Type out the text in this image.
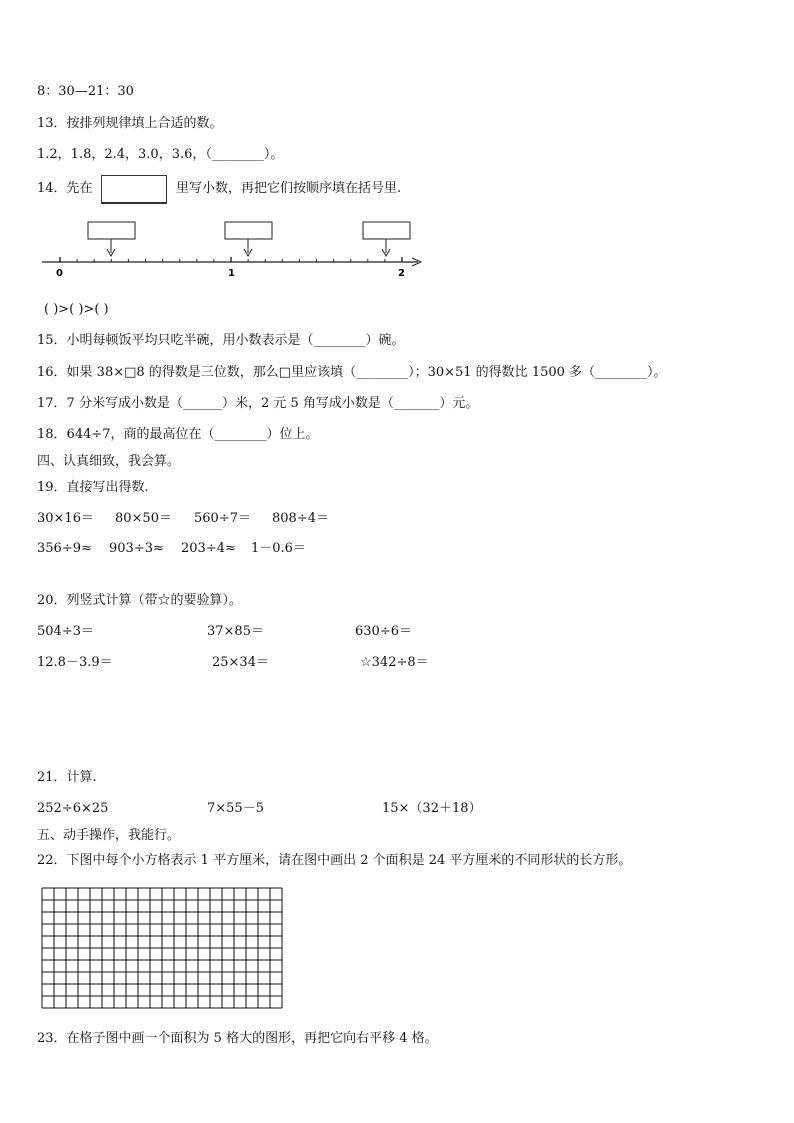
8：30—21：30
13．按排列规律填上合适的数。
1.2，1.8，2.4，3.0，3.6，（________）。
14．先在	里写小数，再把它们按顺序填在括号里.
0	1	2
( )>( )>( )
15．小明每顿饭平均只吃半碗，用小数表示是（________）碗。
16．如果 38×□8 的得数是三位数，那么□里应该填（________）；30×51 的得数比 1500 多（________）。
17．7 分米写成小数是（______）米，2 元 5 角写成小数是（_______）元。
18．644÷7，商的最高位在（________）位上。
四、认真细致，我会算。
19．直接写出得数.
30×16＝ 80×50＝ 560÷7＝ 808÷4＝
356÷9≈ 903÷3≈ 203÷4≈ 1－0.6＝
20．列竖式计算（带☆的要验算）。
504÷3＝	37×85＝	630÷6＝
12.8－3.9＝	25×34＝	☆342÷8＝
21．计算.
252÷6×25	7×55－5	15×（32＋18）
五、动手操作，我能行。
22．下图中每个小方格表示 1 平方厘米，请在图中画出 2 个面积是 24 平方厘米的不同形状的长方形。
23．在格子图中画一个面积为 5 格大的图形，再把它向右平移 4 格。
